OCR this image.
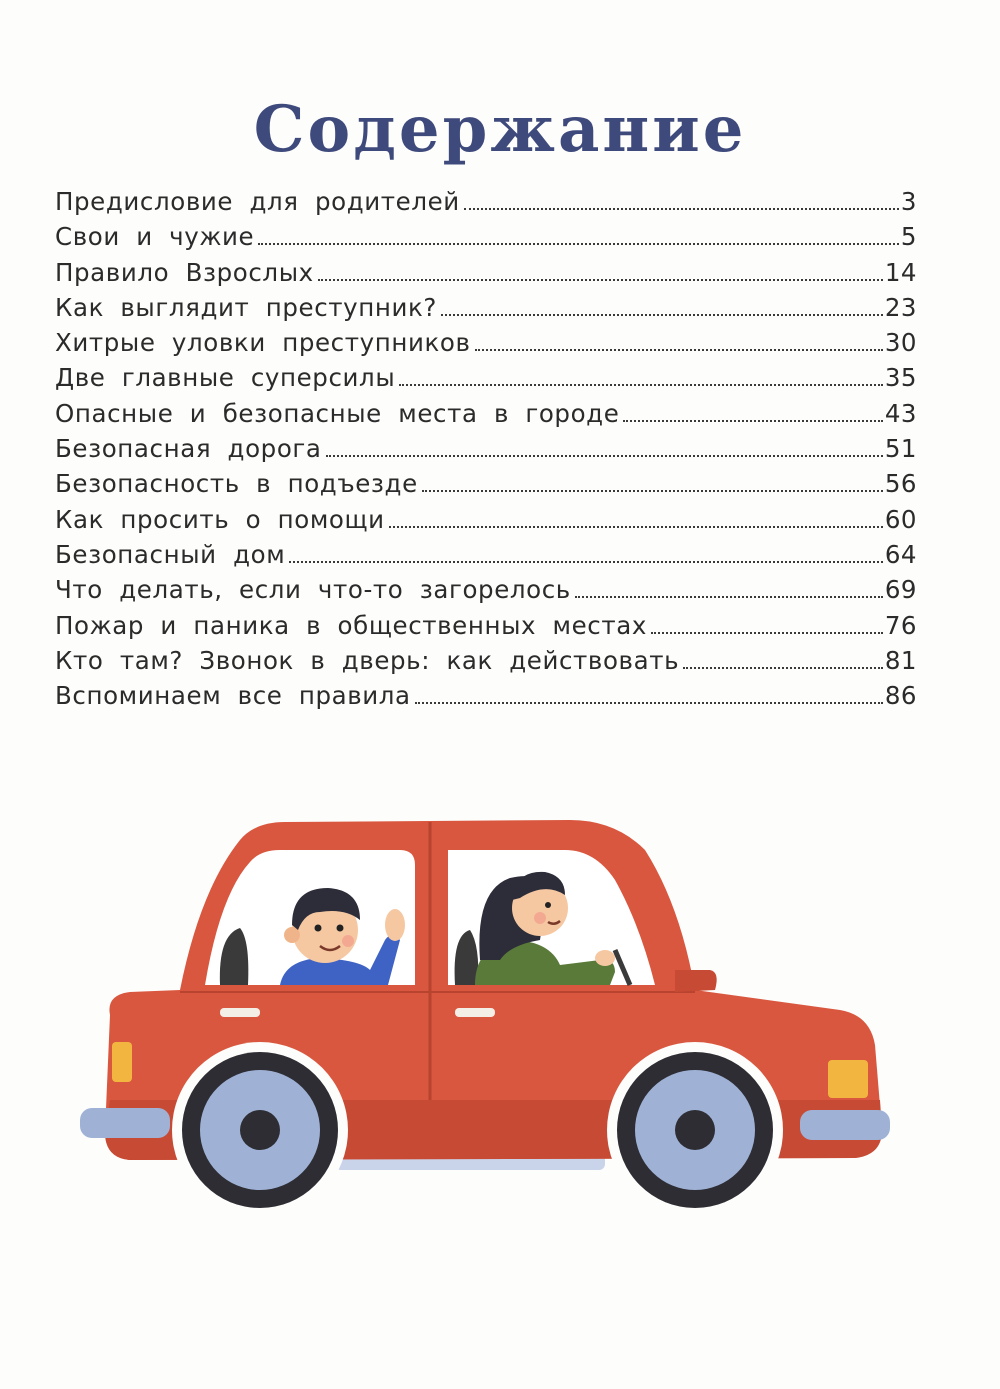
Содержание
Предисловие для родителей	3
Свои и чужие	5
Правило Взрослых	14
Как выглядит преступник?	23
Хитрые уловки преступников	30
Две главные суперсилы	35
Опасные и безопасные места в городе	43
Безопасная дорога	51
Безопасность в подъезде	56
Как просить о помощи	60
Безопасный дом	64
Что делать, если что-то загорелось	69
Пожар и паника в общественных местах	76
Кто там? Звонок в дверь: как действовать	81
Вспоминаем все правила	86
